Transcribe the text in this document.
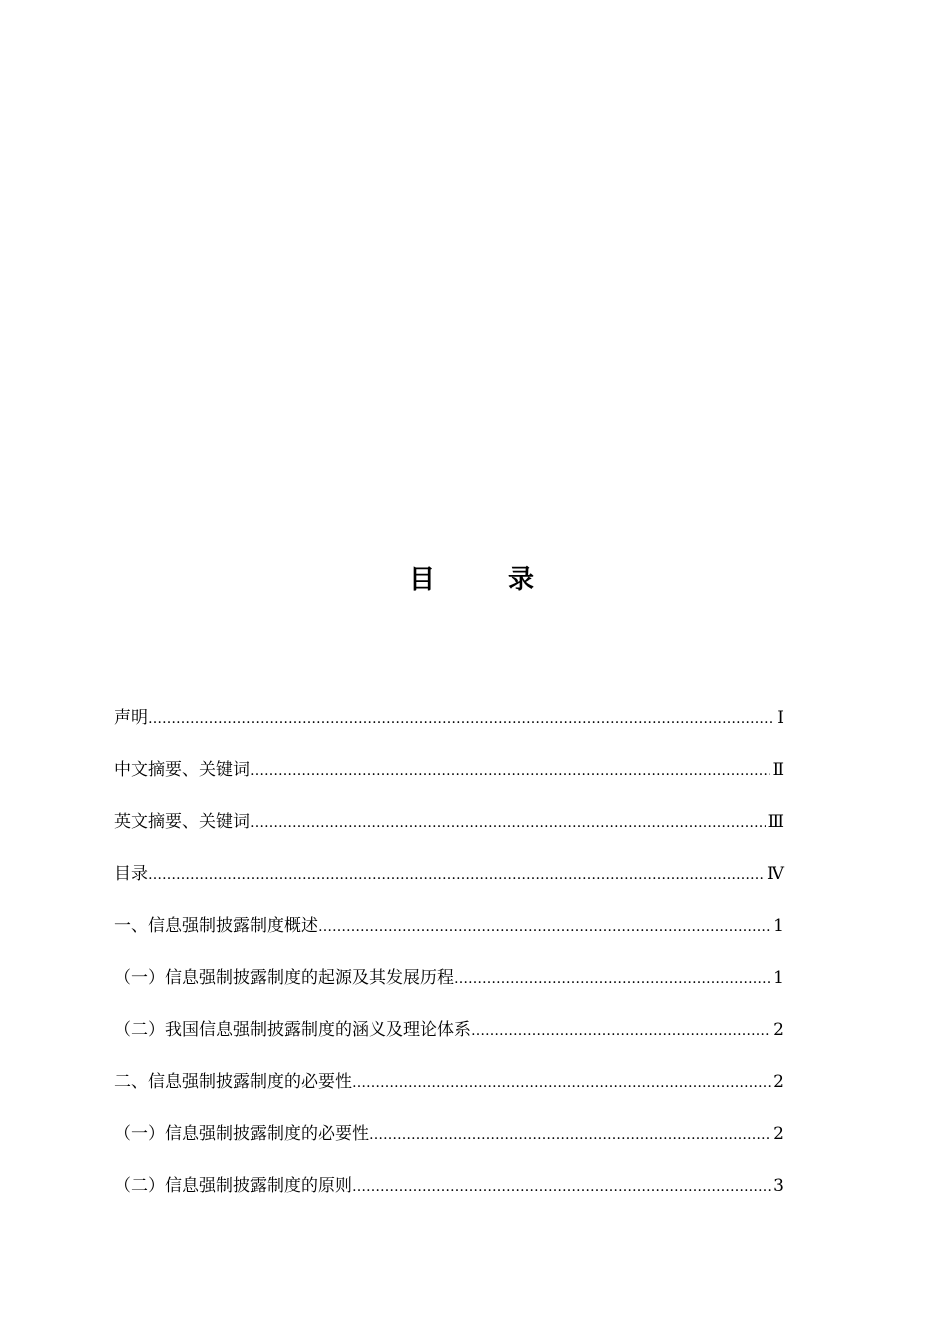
目 录
声明 …………………………………………………………………………………………………………………………………………………………………………	Ⅰ
中文摘要、关键词 …………………………………………………………………………………………………………………………………………………………………………	Ⅱ
英文摘要、关键词 …………………………………………………………………………………………………………………………………………………………………………	Ⅲ
目录 …………………………………………………………………………………………………………………………………………………………………………	Ⅳ
一、信息强制披露制度概述 …………………………………………………………………………………………………………………………………………………………………………	1
（一）信息强制披露制度的起源及其发展历程 …………………………………………………………………………………………………………………………………………………………………………	1
（二）我国信息强制披露制度的涵义及理论体系 …………………………………………………………………………………………………………………………………………………………………………	2
二、信息强制披露制度的必要性 …………………………………………………………………………………………………………………………………………………………………………	2
（一）信息强制披露制度的必要性 …………………………………………………………………………………………………………………………………………………………………………	2
（二）信息强制披露制度的原则 …………………………………………………………………………………………………………………………………………………………………………	3
